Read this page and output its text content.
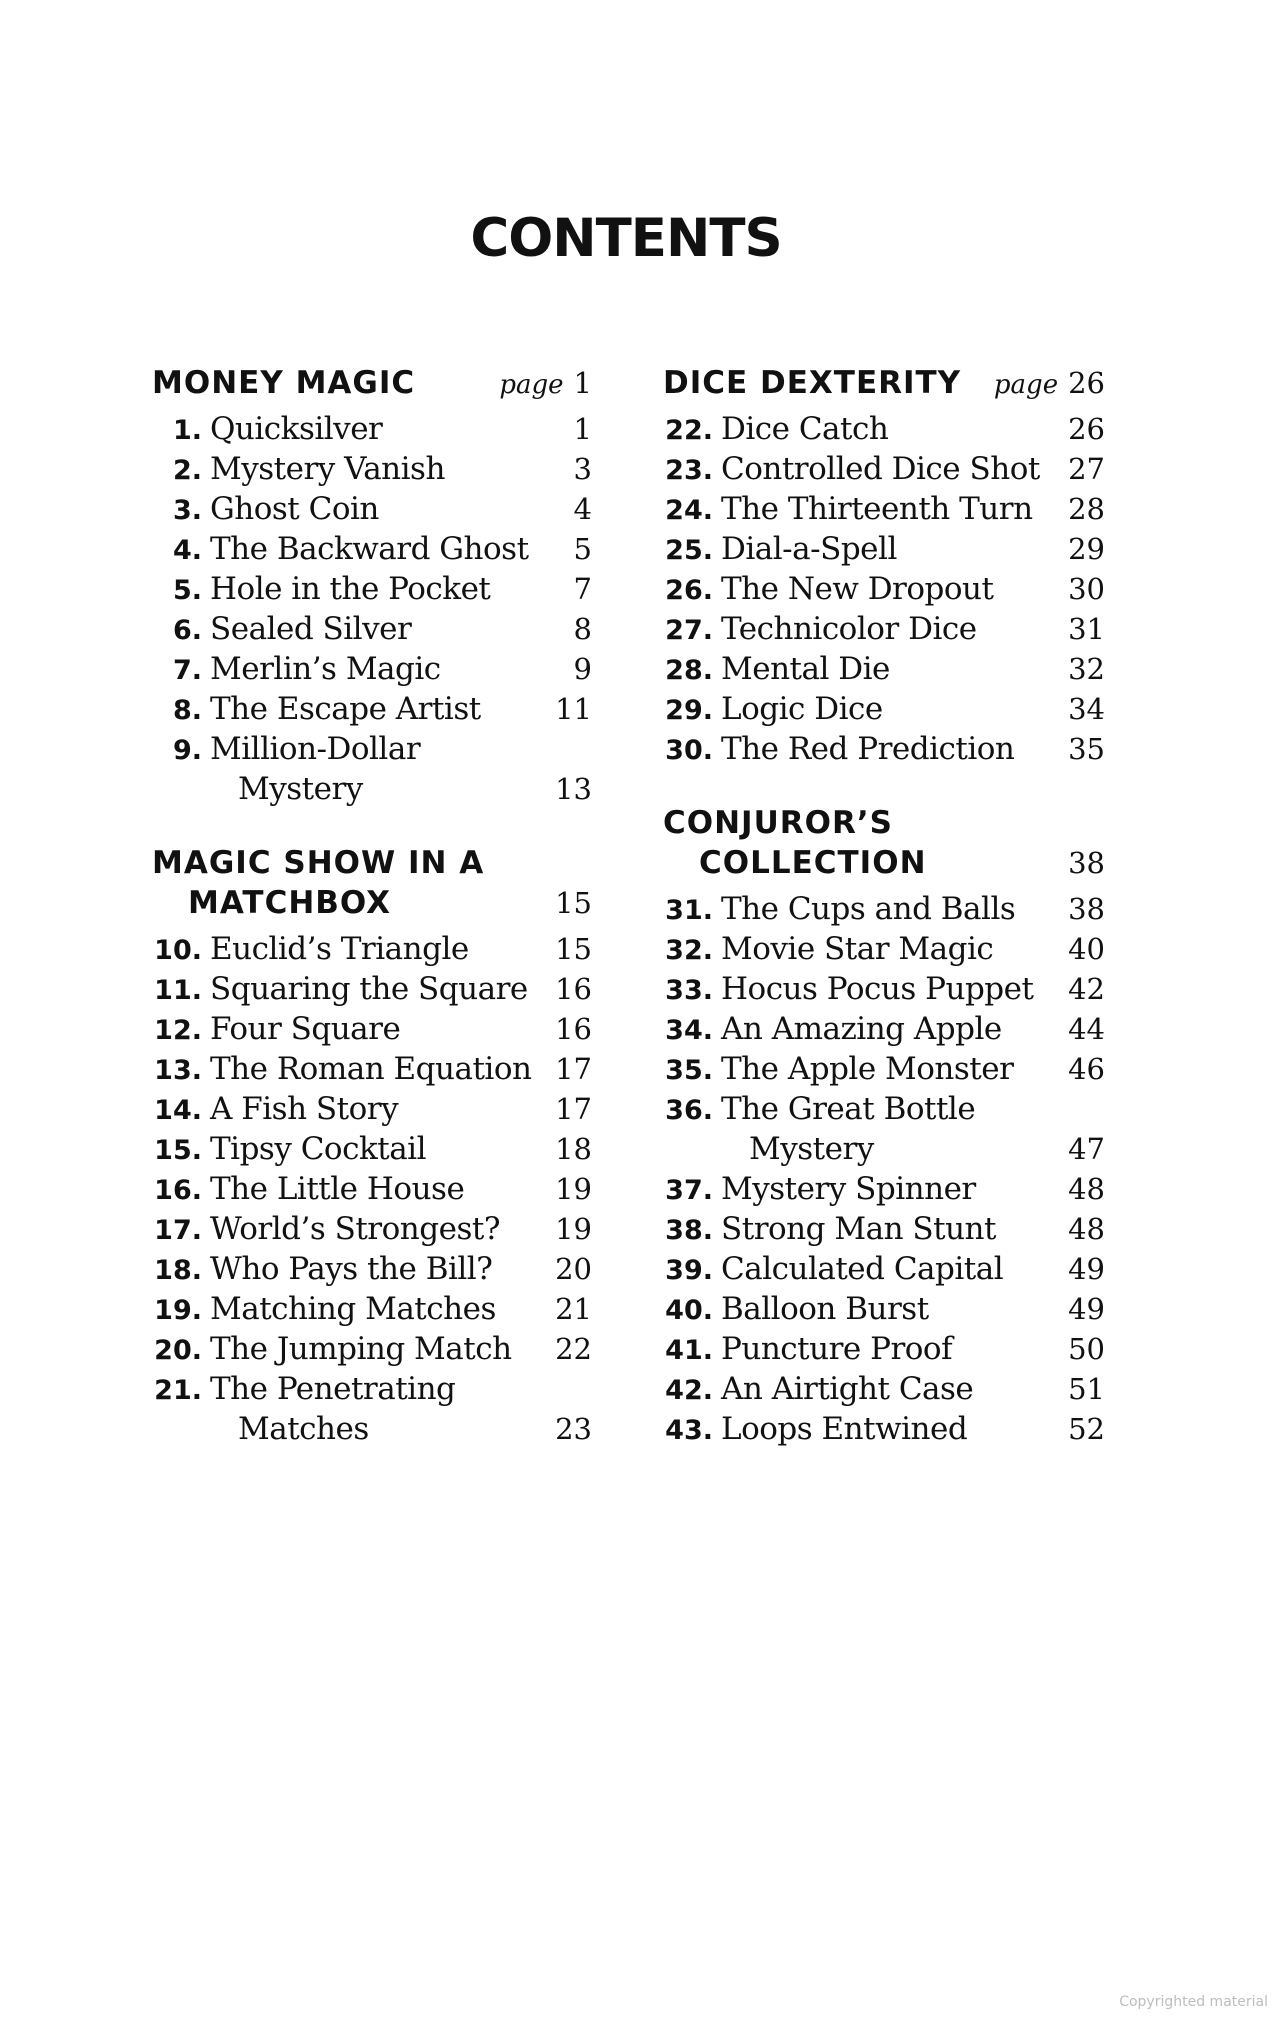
CONTENTS
MONEY MAGIC	page 1
1. Quicksilver	1
2. Mystery Vanish	3
3. Ghost Coin	4
4. The Backward Ghost	5
5. Hole in the Pocket	7
6. Sealed Silver	8
7. Merlin’s Magic	9
8. The Escape Artist	11
9. Million-Dollar
Mystery	13
MAGIC SHOW IN A
MATCHBOX	15
10. Euclid’s Triangle	15
11. Squaring the Square 16
12. Four Square	16
13. The Roman Equation 17
14. A Fish Story	17
15. Tipsy Cocktail	18
16. The Little House	19
17. World’s Strongest?	19
18. Who Pays the Bill?	20
19. Matching Matches	21
20. The Jumping Match	22
21. The Penetrating
Matches	23
DICE DEXTERITY page 26
22. Dice Catch	26
23. Controlled Dice Shot 27
24. The Thirteenth Turn	28
25. Dial-a-Spell	29
26. The New Dropout	30
27. Technicolor Dice	31
28. Mental Die	32
29. Logic Dice	34
30. The Red Prediction	35
CONJUROR’S
COLLECTION	38
31. The Cups and Balls	38
32. Movie Star Magic	40
33. Hocus Pocus Puppet	42
34. An Amazing Apple	44
35. The Apple Monster	46
36. The Great Bottle
Mystery	47
37. Mystery Spinner	48
38. Strong Man Stunt	48
39. Calculated Capital	49
40. Balloon Burst	49
41. Puncture Proof	50
42. An Airtight Case	51
43. Loops Entwined	52
Copyrighted material
